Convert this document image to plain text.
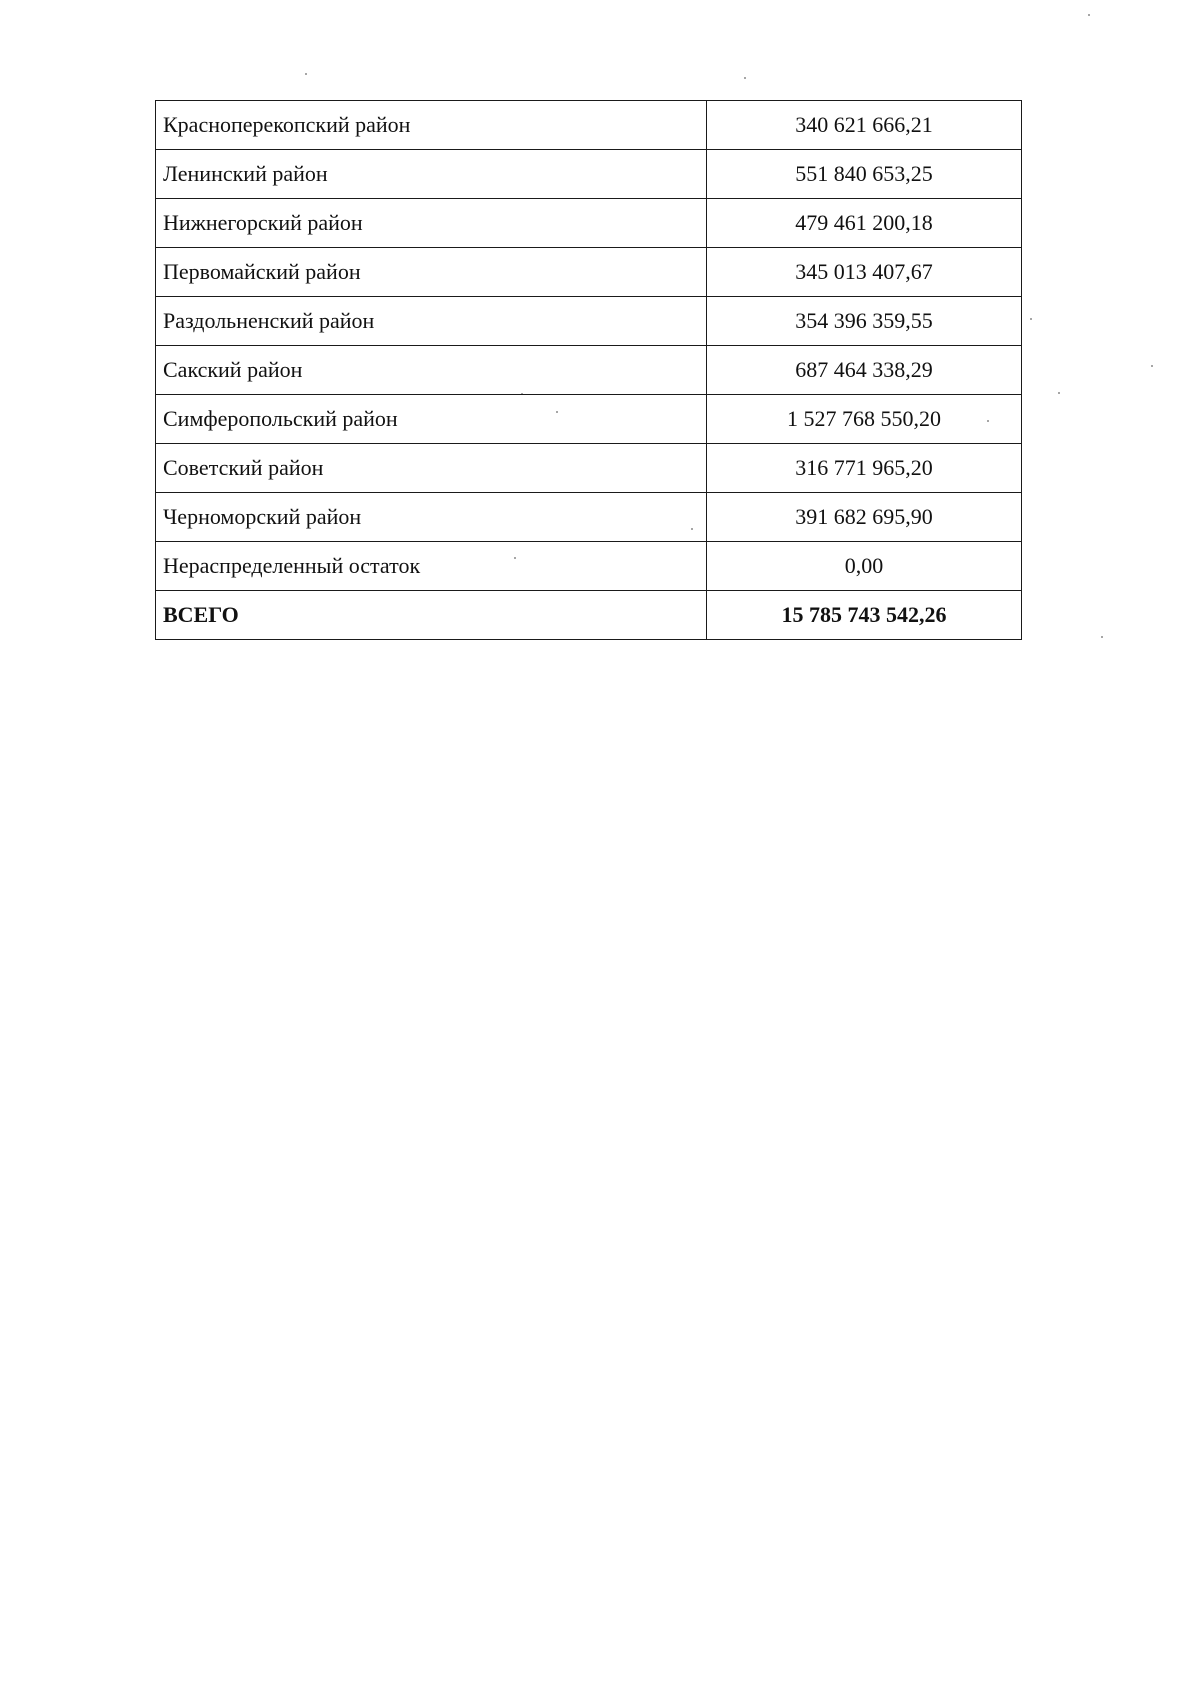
Красноперекопский район	340 621 666,21
Ленинский район	551 840 653,25
Нижнегорский район	479 461 200,18
Первомайский район	345 013 407,67
Раздольненский район	354 396 359,55
Сакский район	687 464 338,29
Симферопольский район	1 527 768 550,20
Советский район	316 771 965,20
Черноморский район	391 682 695,90
Нераспределенный остаток	0,00
ВСЕГО	15 785 743 542,26
